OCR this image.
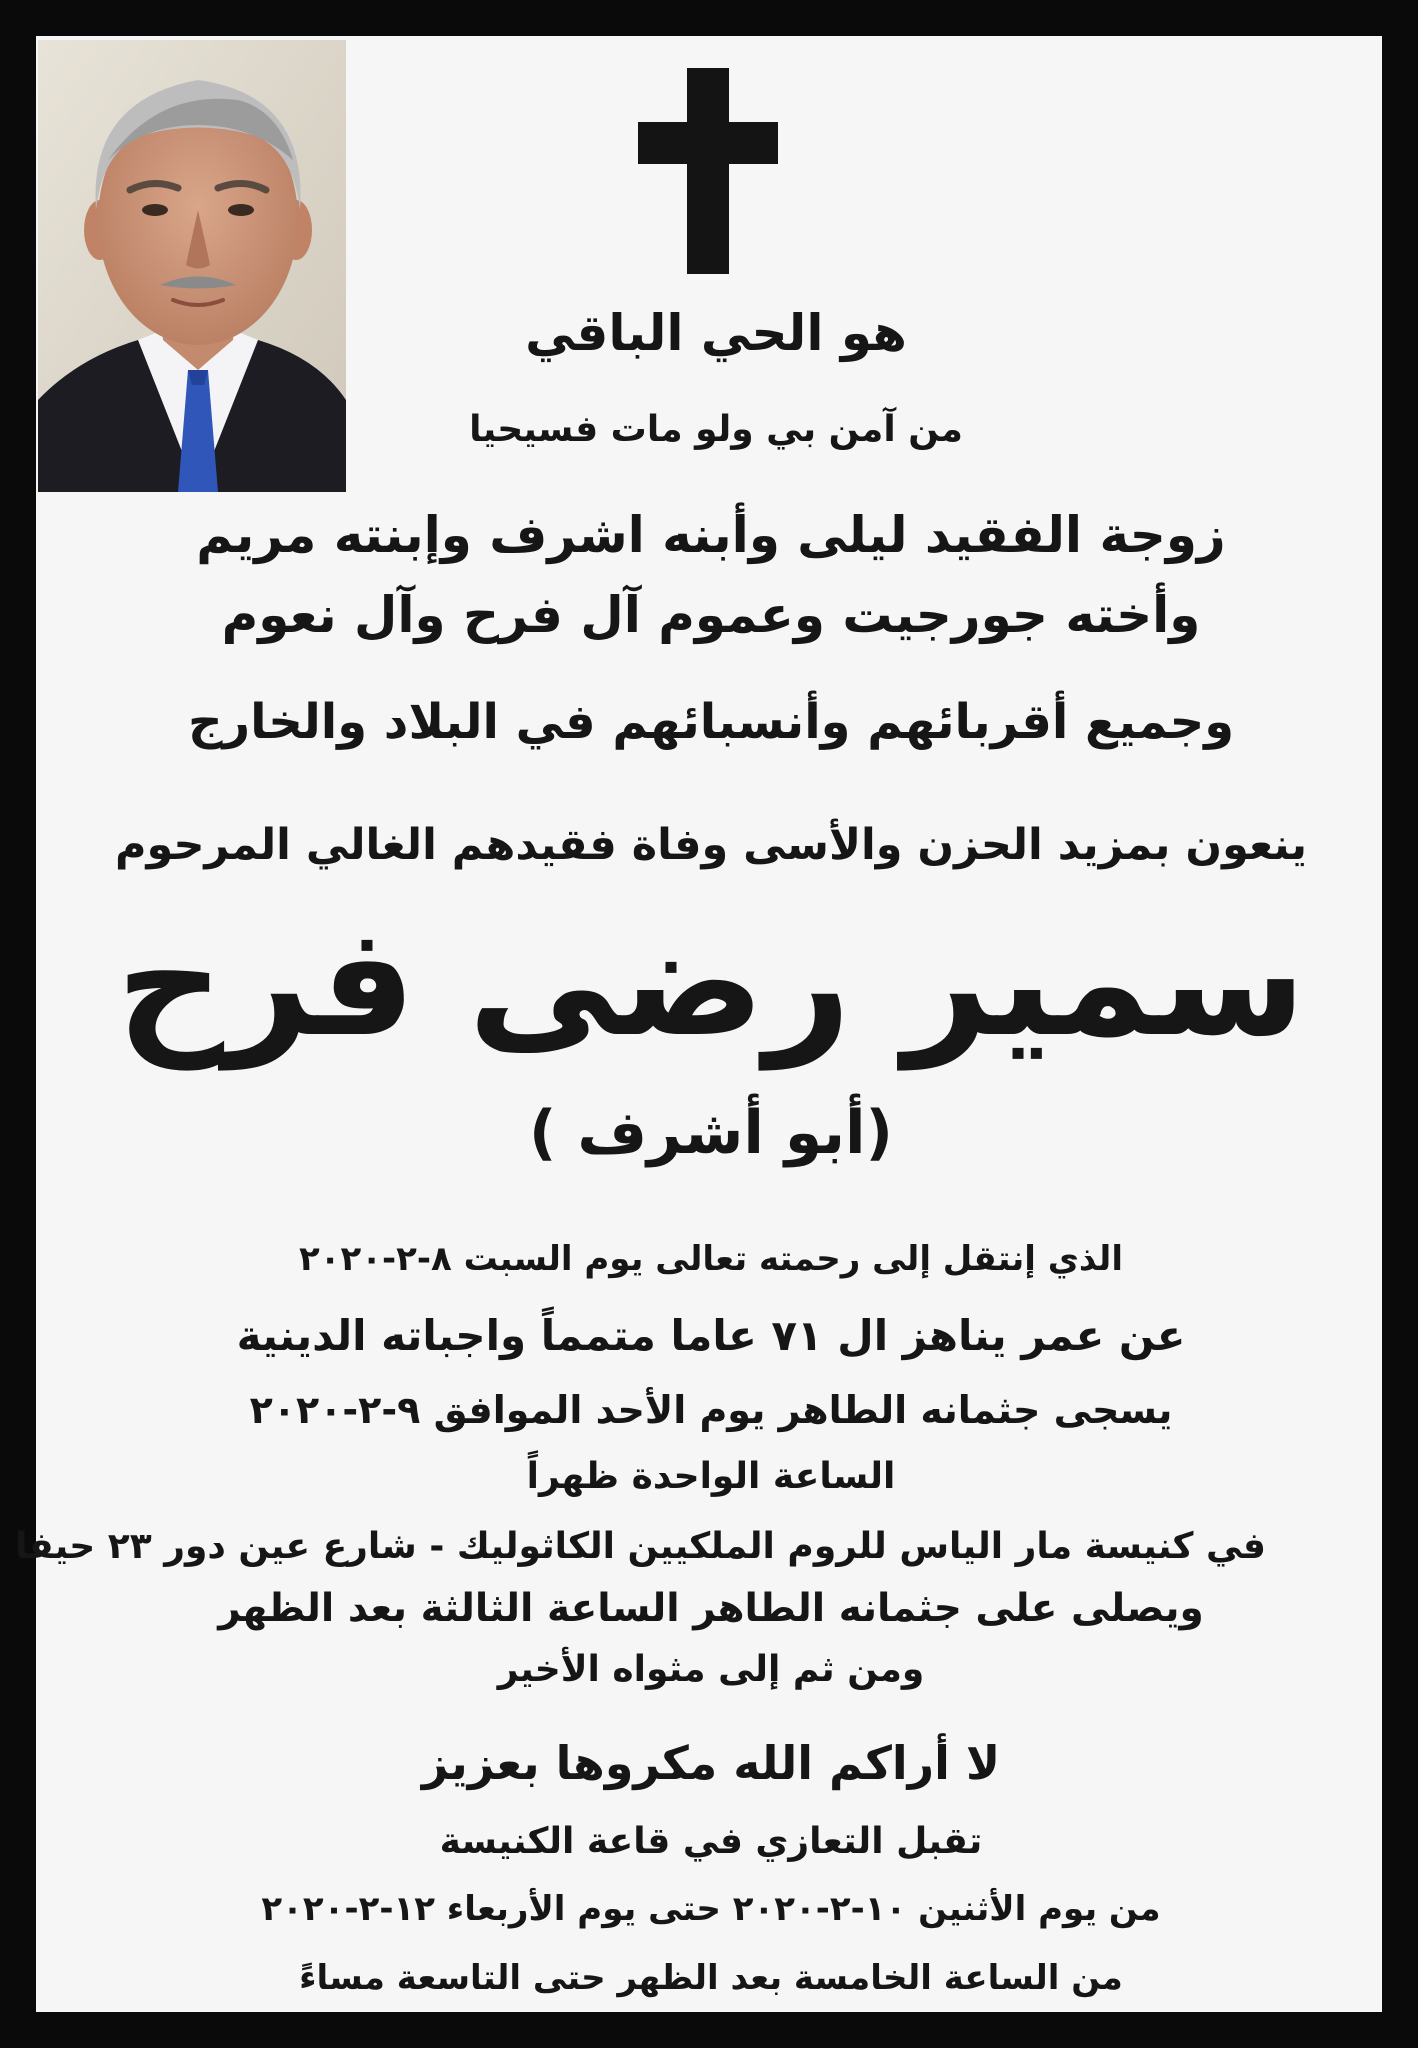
هو الحي الباقي
من آمن بي ولو مات فسيحيا
زوجة الفقيد ليلى وأبنه اشرف وإبنته مريم
وأخته جورجيت وعموم آل فرح وآل نعوم
وجميع أقربائهم وأنسبائهم في البلاد والخارج
ينعون بمزيد الحزن والأسى وفاة فقيدهم الغالي المرحوم
سمير رضى فرح
(أبو أشرف )
الذي إنتقل إلى رحمته تعالى يوم السبت ٨-٢-٢٠٢٠
عن عمر يناهز ال ٧١ عاما متمماً واجباته الدينية
يسجى جثمانه الطاهر يوم الأحد الموافق ٩-٢-٢٠٢٠
الساعة الواحدة ظهراً
في كنيسة مار الياس للروم الملكيين الكاثوليك - شارع عين دور ٢٣ حيفا
ويصلى على جثمانه الطاهر الساعة الثالثة بعد الظهر
ومن ثم إلى مثواه الأخير
لا أراكم الله مكروها بعزيز
تقبل التعازي في قاعة الكنيسة
من يوم الأثنين ١٠-٢-٢٠٢٠ حتى يوم الأربعاء ١٢-٢-٢٠٢٠
من الساعة الخامسة بعد الظهر حتى التاسعة مساءً
